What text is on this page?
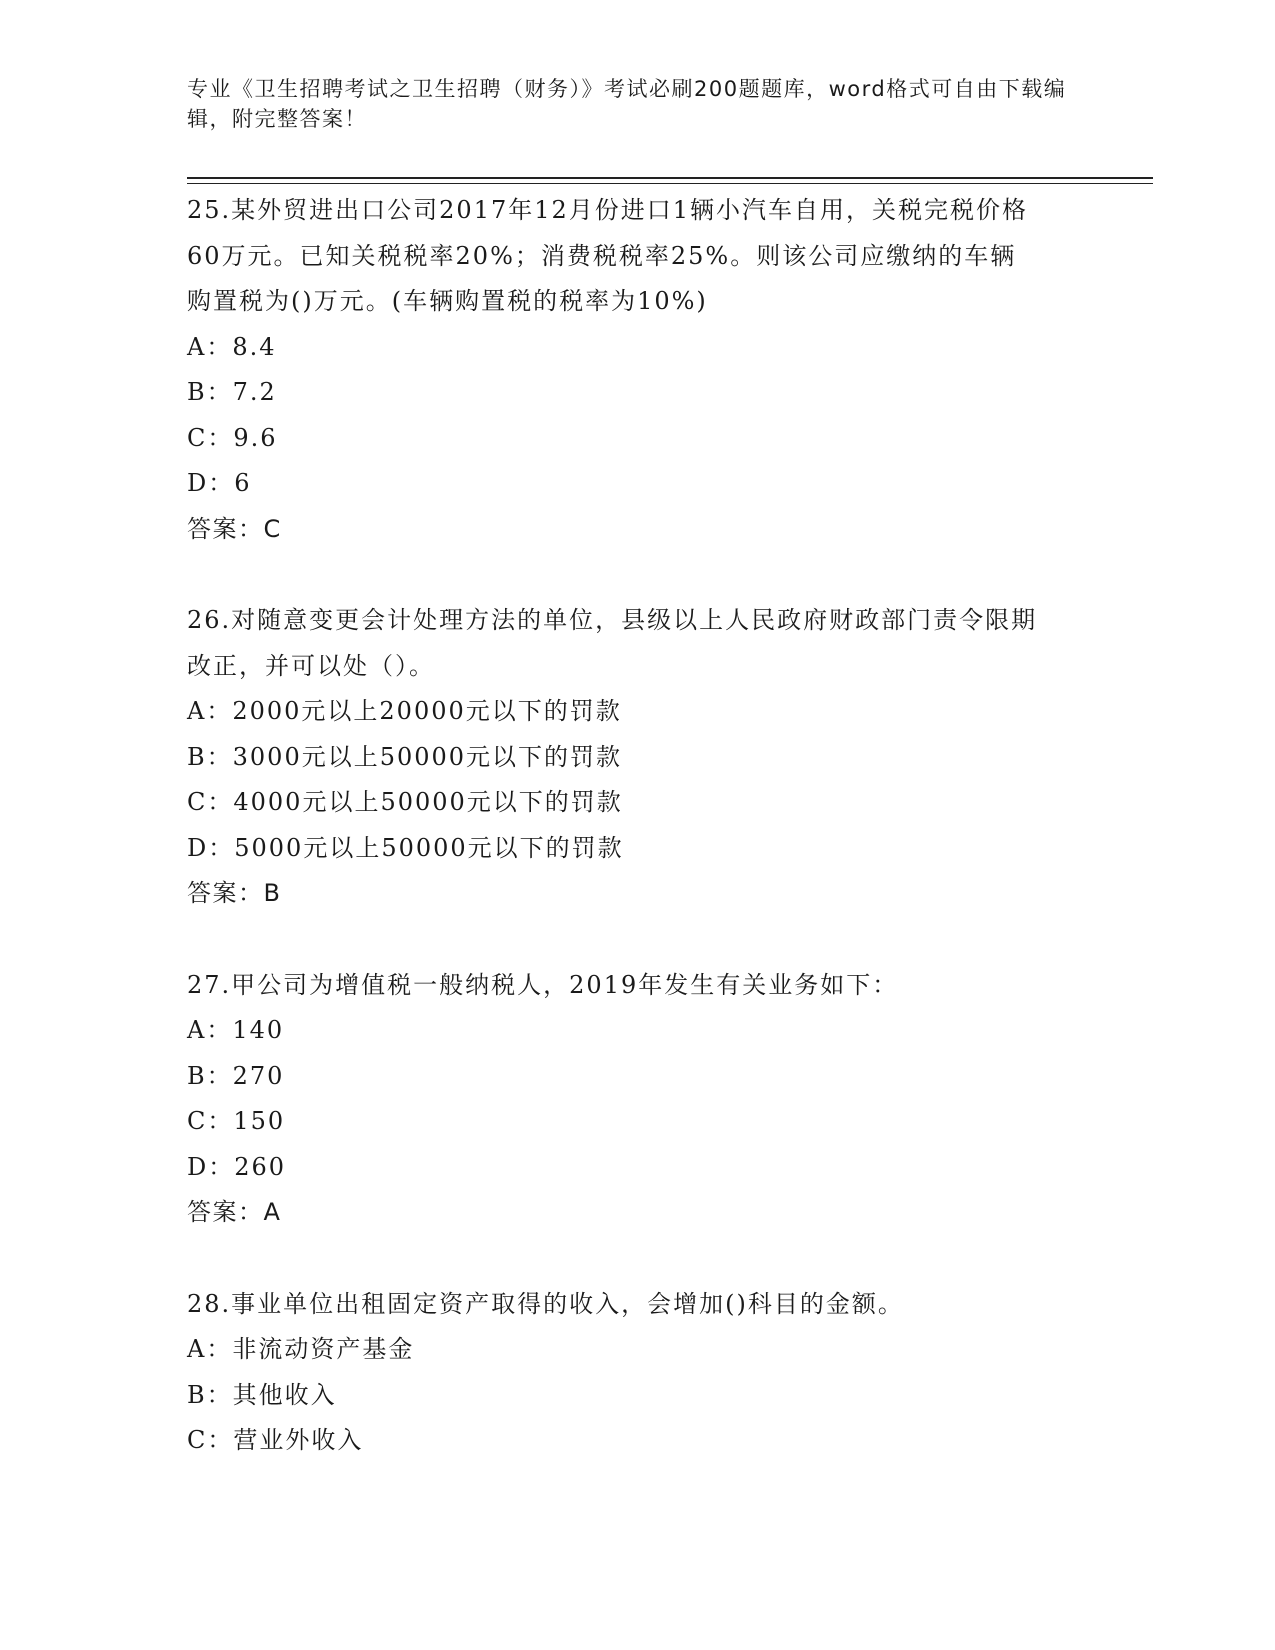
专业《卫生招聘考试之卫生招聘（财务）》考试必刷200题题库，word格式可自由下载编辑，附完整答案！
25.某外贸进出口公司2017年12月份进口1辆小汽车自用，关税完税价格60万元。已知关税税率20%；消费税税率25%。则该公司应缴纳的车辆购置税为()万元。(车辆购置税的税率为10%)
A：8.4
B：7.2
C：9.6
D：6
答案：C
26.对随意变更会计处理方法的单位，县级以上人民政府财政部门责令限期改正，并可以处（）。
A：2000元以上20000元以下的罚款
B：3000元以上50000元以下的罚款
C：4000元以上50000元以下的罚款
D：5000元以上50000元以下的罚款
答案：B
27.甲公司为增值税一般纳税人，2019年发生有关业务如下：
A：140
B：270
C：150
D：260
答案：A
28.事业单位出租固定资产取得的收入，会增加()科目的金额。
A：非流动资产基金
B：其他收入
C：营业外收入
